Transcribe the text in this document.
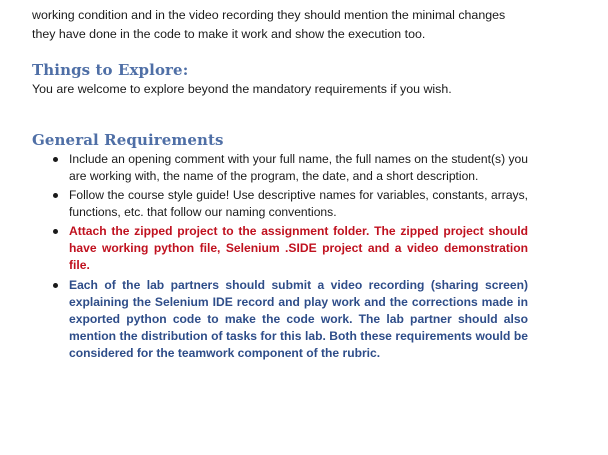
working condition and in the video recording they should mention the minimal changes they have done in the code to make it work and show the execution too.

Things to Explore:

You are welcome to explore beyond the mandatory requirements if you wish.

General Requirements
Include an opening comment with your full name, the full names on the student(s) you are working with, the name of the program, the date, and a short description.
Follow the course style guide! Use descriptive names for variables, constants, arrays, functions, etc. that follow our naming conventions.
Attach the zipped project to the assignment folder. The zipped project should have working python file, Selenium .SIDE project and a video demonstration file.
Each of the lab partners should submit a video recording (sharing screen) explaining the Selenium IDE record and play work and the corrections made in exported python code to make the code work. The lab partner should also mention the distribution of tasks for this lab. Both these requirements would be considered for the teamwork component of the rubric.
